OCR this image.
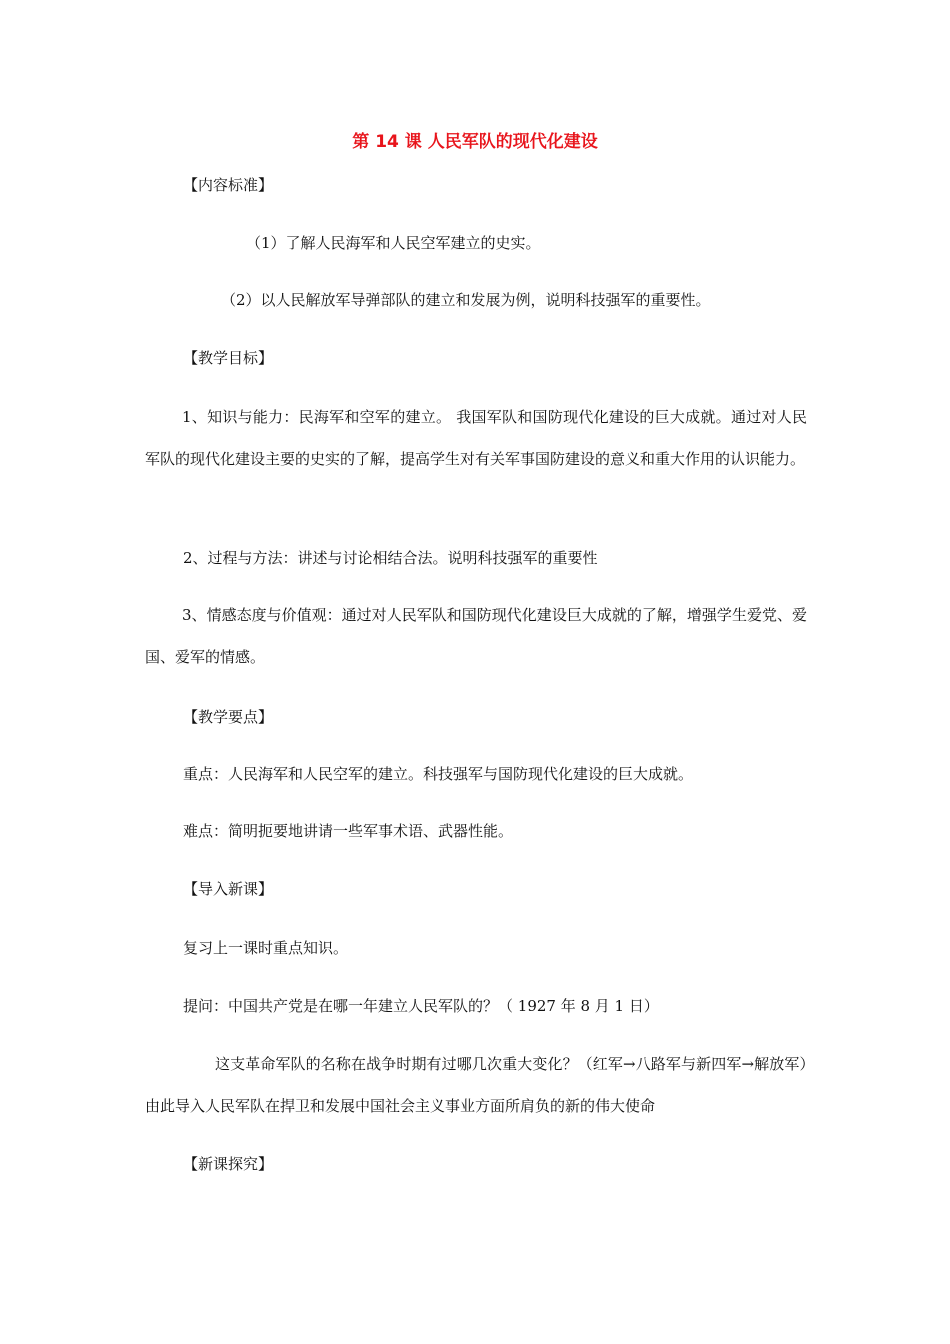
第 14 课 人民军队的现代化建设
【内容标准】
（1）了解人民海军和人民空军建立的史实。
（2）以人民解放军导弹部队的建立和发展为例，说明科技强军的重要性。
【教学目标】
1、知识与能力：民海军和空军的建立。 我国军队和国防现代化建设的巨大成就。通过对人民军队的现代化建设主要的史实的了解，提高学生对有关军事国防建设的意义和重大作用的认识能力。
2、过程与方法：讲述与讨论相结合法。说明科技强军的重要性
3、情感态度与价值观：通过对人民军队和国防现代化建设巨大成就的了解，增强学生爱党、爱国、爱军的情感。
【教学要点】
重点：人民海军和人民空军的建立。科技强军与国防现代化建设的巨大成就。
难点：简明扼要地讲请一些军事术语、武器性能。
【导入新课】
复习上一课时重点知识。
提问：中国共产党是在哪一年建立人民军队的？（ 1927 年 8 月 1 日）
这支革命军队的名称在战争时期有过哪几次重大变化？（红军→八路军与新四军→解放军）由此导入人民军队在捍卫和发展中国社会主义事业方面所肩负的新的伟大使命
【新课探究】
